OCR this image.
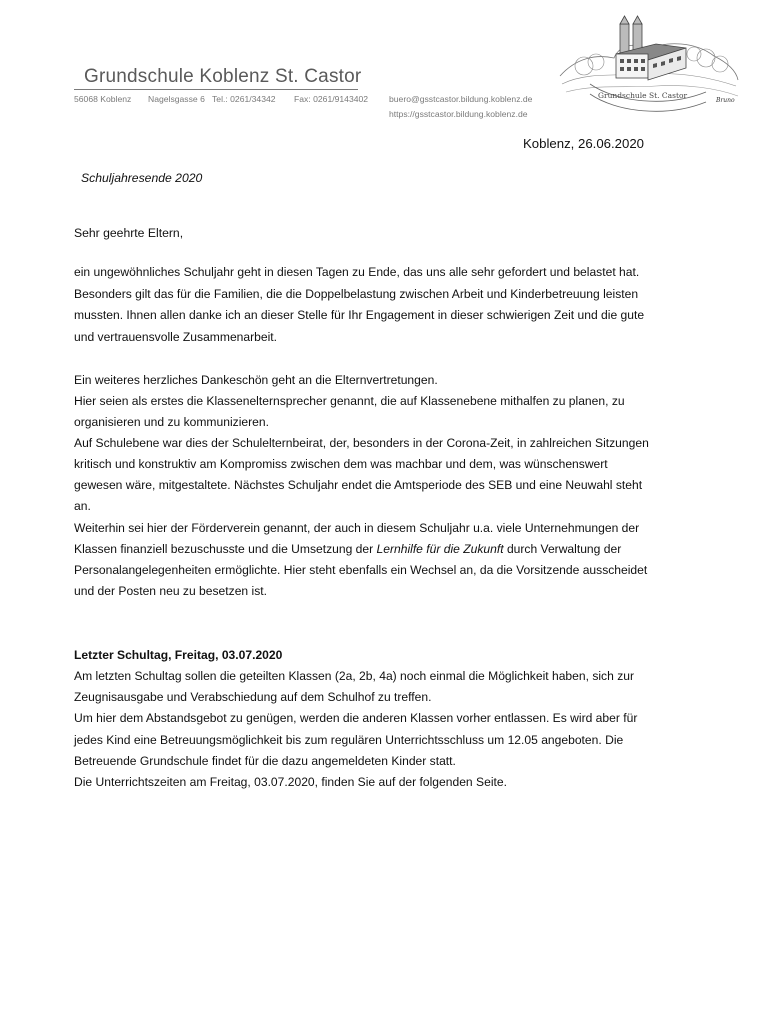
Grundschule Koblenz St. Castor
56068 Koblenz Nagelsgasse 6 Tel.: 0261/34342 Fax: 0261/9143402 buero@gsstcastor.bildung.koblenz.de
https://gsstcastor.bildung.koblenz.de
Grundschule St. Castor
Bruno
Koblenz, 26.06.2020
Schuljahresende 2020
Sehr geehrte Eltern,
ein ungewöhnliches Schuljahr geht in diesen Tagen zu Ende, das uns alle sehr gefordert und belastet hat.
Besonders gilt das für die Familien, die die Doppelbelastung zwischen Arbeit und Kinderbetreuung leisten
mussten. Ihnen allen danke ich an dieser Stelle für Ihr Engagement in dieser schwierigen Zeit und die gute
und vertrauensvolle Zusammenarbeit.
Ein weiteres herzliches Dankeschön geht an die Elternvertretungen.
Hier seien als erstes die Klassenelternsprecher genannt, die auf Klassenebene mithalfen zu planen, zu
organisieren und zu kommunizieren.
Auf Schulebene war dies der Schulelternbeirat, der, besonders in der Corona-Zeit, in zahlreichen Sitzungen
kritisch und konstruktiv am Kompromiss zwischen dem was machbar und dem, was wünschenswert
gewesen wäre, mitgestaltete. Nächstes Schuljahr endet die Amtsperiode des SEB und eine Neuwahl steht
an.
Weiterhin sei hier der Förderverein genannt, der auch in diesem Schuljahr u.a. viele Unternehmungen der
Klassen finanziell bezuschusste und die Umsetzung der Lernhilfe für die Zukunft durch Verwaltung der
Personalangelegenheiten ermöglichte. Hier steht ebenfalls ein Wechsel an, da die Vorsitzende ausscheidet
und der Posten neu zu besetzen ist.
Letzter Schultag, Freitag, 03.07.2020
Am letzten Schultag sollen die geteilten Klassen (2a, 2b, 4a) noch einmal die Möglichkeit haben, sich zur
Zeugnisausgabe und Verabschiedung auf dem Schulhof zu treffen.
Um hier dem Abstandsgebot zu genügen, werden die anderen Klassen vorher entlassen. Es wird aber für
jedes Kind eine Betreuungsmöglichkeit bis zum regulären Unterrichtsschluss um 12.05 angeboten. Die
Betreuende Grundschule findet für die dazu angemeldeten Kinder statt.
Die Unterrichtszeiten am Freitag, 03.07.2020, finden Sie auf der folgenden Seite.
